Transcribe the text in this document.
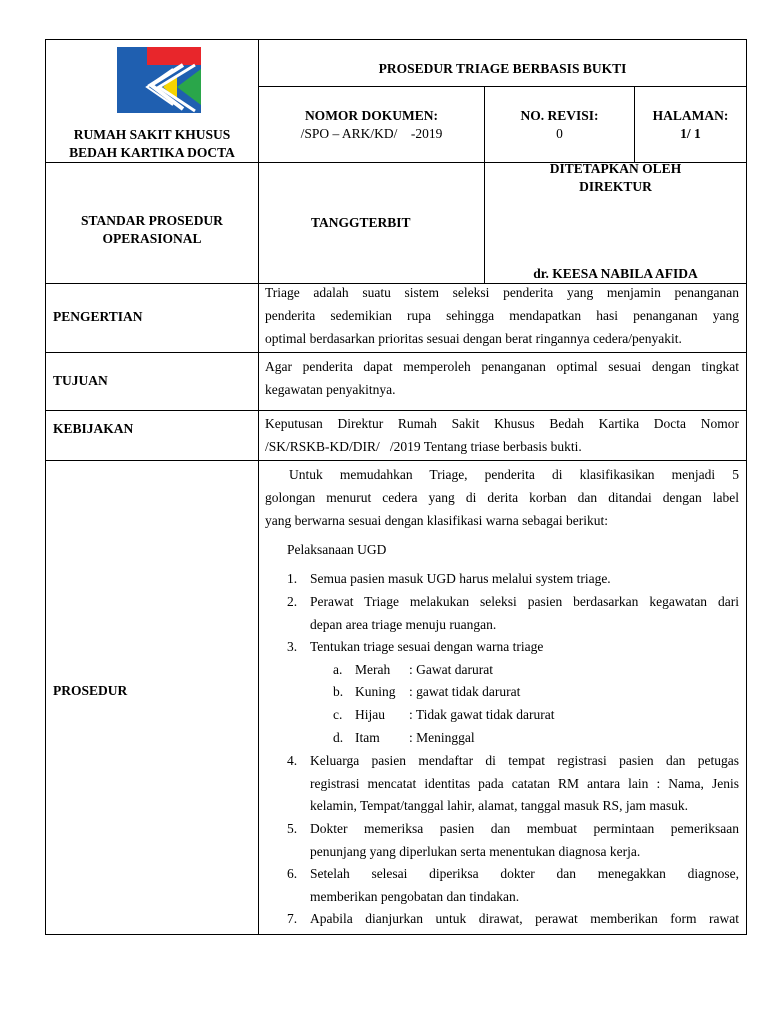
RUMAH SAKIT KHUSUS
BEDAH KARTIKA DOCTA
PROSEDUR TRIAGE BERBASIS BUKTI
NOMOR DOKUMEN:
/SPO – ARK/KD/    -2019
NO. REVISI:
0
HALAMAN:
1/ 1
STANDAR PROSEDUR
OPERASIONAL
TANGGTERBIT
DITETAPKAN OLEH
DIREKTUR
dr. KEESA NABILA AFIDA
PENGERTIAN
Triage adalah suatu sistem seleksi penderita yang menjamin penanganan
penderita sedemikian rupa sehingga mendapatkan hasi penanganan yang
optimal berdasarkan prioritas sesuai dengan berat ringannya cedera/penyakit.
TUJUAN
Agar penderita dapat memperoleh penanganan optimal sesuai dengan tingkat
kegawatan penyakitnya.
KEBIJAKAN	Keputusan Direktur Rumah Sakit Khusus Bedah Kartika Docta Nomor
/SK/RSKB-KD/DIR/   /2019 Tentang triase berbasis bukti.
PROSEDUR
Untuk memudahkan Triage, penderita di klasifikasikan menjadi 5
golongan menurut cedera yang di derita korban dan ditandai dengan label
yang berwarna sesuai dengan klasifikasi warna sebagai berikut:
Pelaksanaan UGD
1. Semua pasien masuk UGD harus melalui system triage.
2. Perawat Triage melakukan seleksi pasien berdasarkan kegawatan dari
depan area triage menuju ruangan.
3. Tentukan triage sesuai dengan warna triage
a. Merah : Gawat darurat
b. Kuning : gawat tidak darurat
c. Hijau : Tidak gawat tidak darurat
d. Itam : Meninggal
4. Keluarga pasien mendaftar di tempat registrasi pasien dan petugas
registrasi mencatat identitas pada catatan RM antara lain : Nama, Jenis
kelamin, Tempat/tanggal lahir, alamat, tanggal masuk RS, jam masuk.
5. Dokter memeriksa pasien dan membuat permintaan pemeriksaan
penunjang yang diperlukan serta menentukan diagnosa kerja.
6. Setelah selesai diperiksa dokter dan menegakkan diagnose,
memberikan pengobatan dan tindakan.
7. Apabila dianjurkan untuk dirawat, perawat memberikan form rawat
